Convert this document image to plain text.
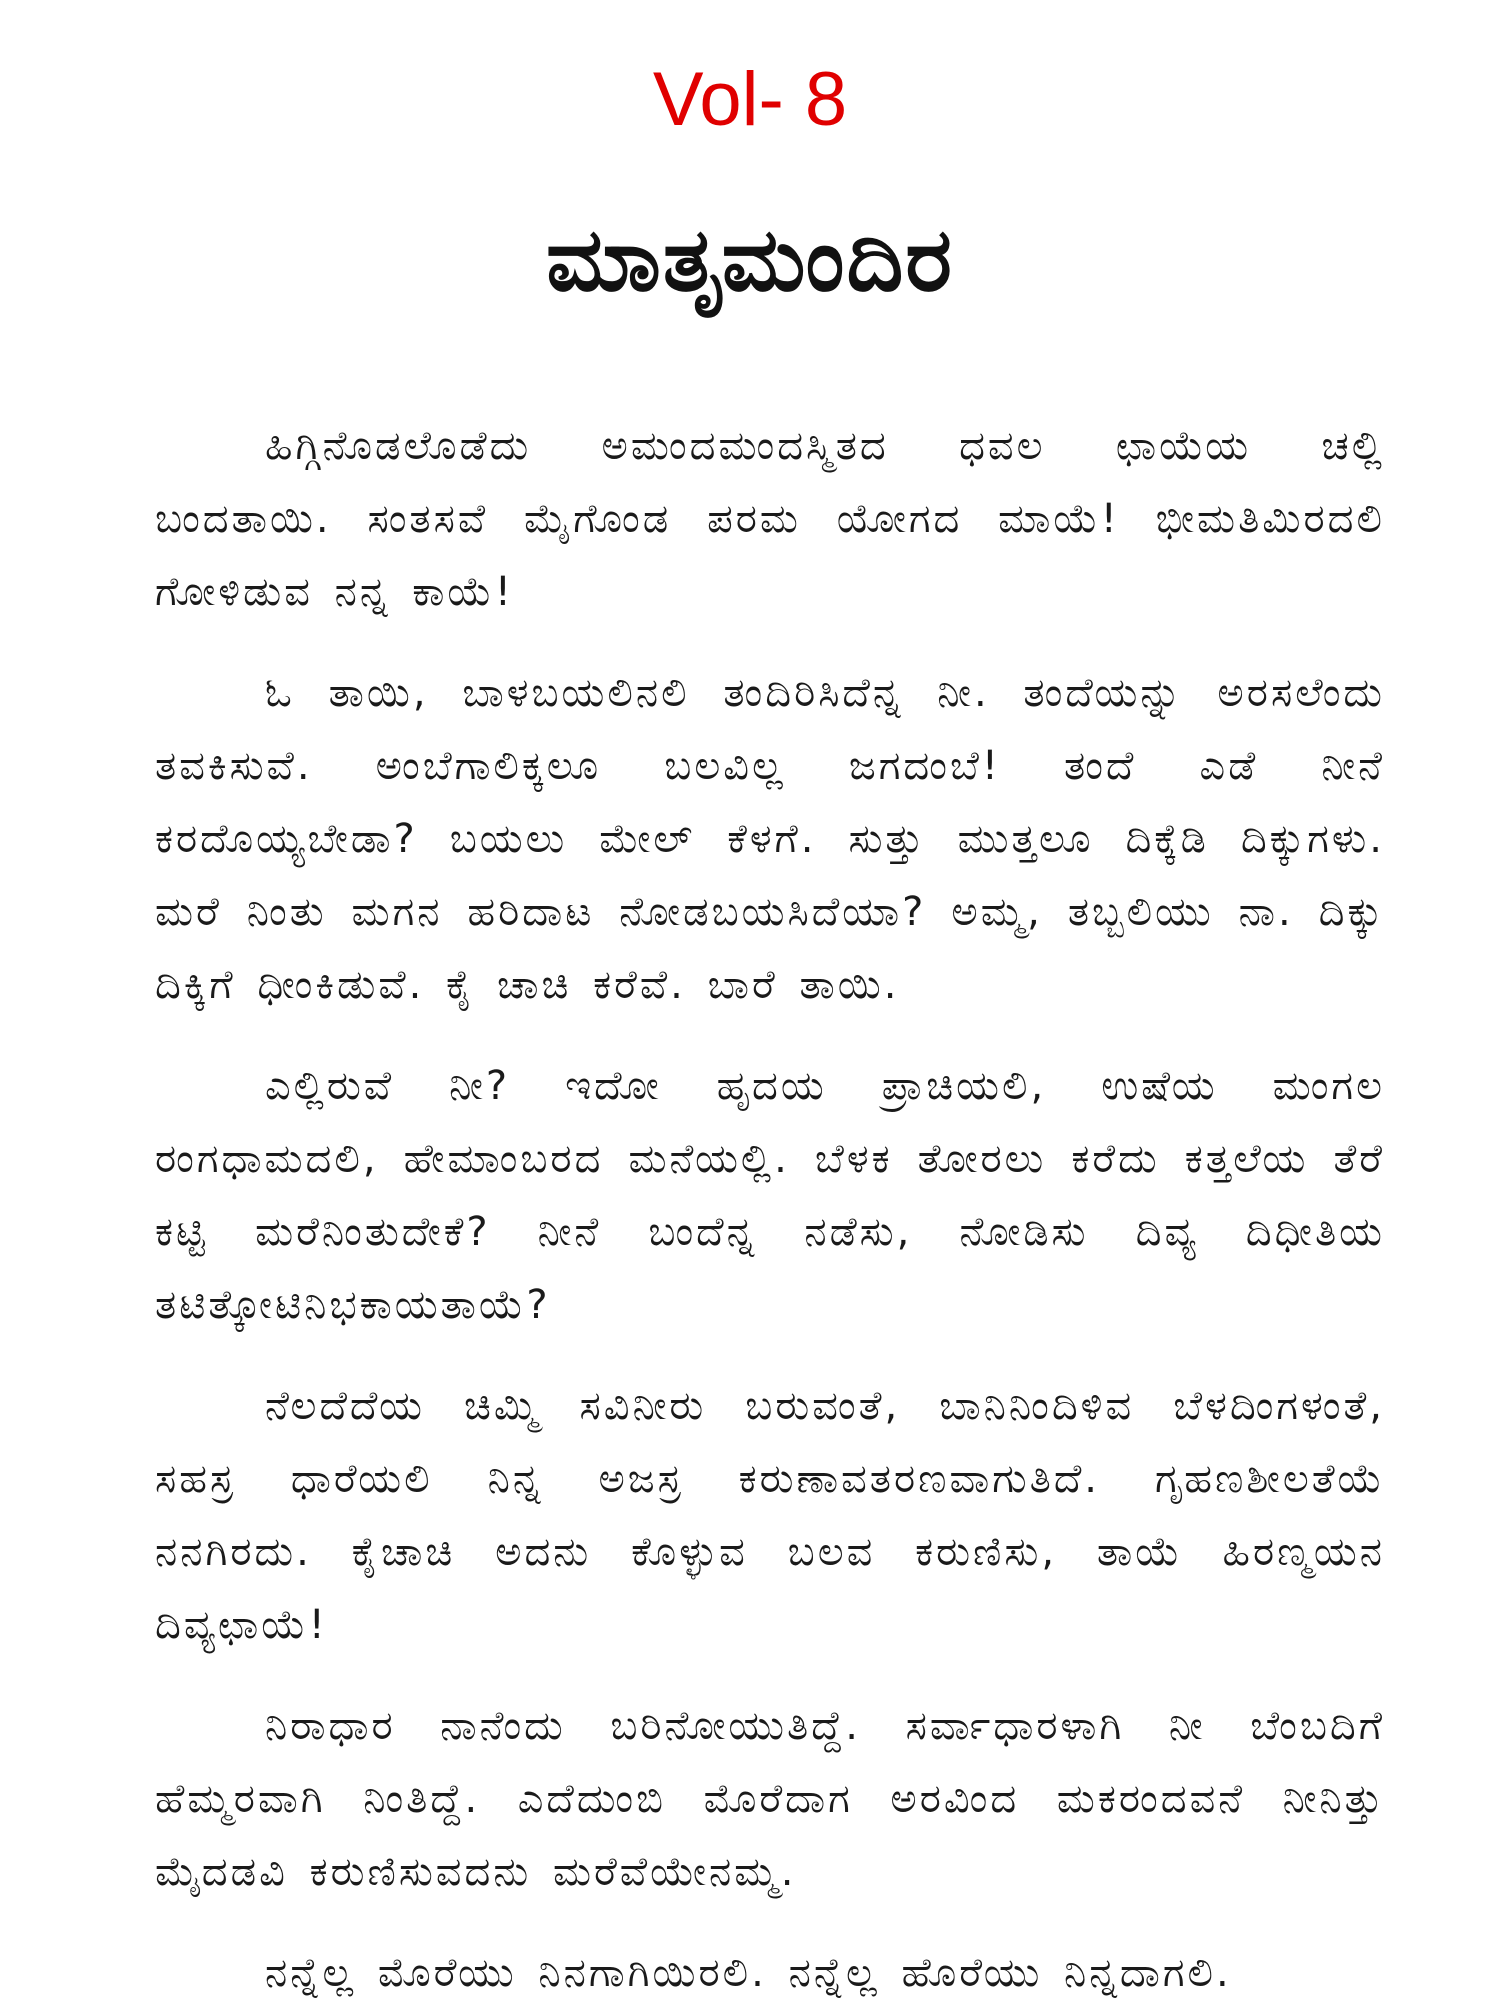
Vol- 8

ಮಾತೃಮಂದಿರ

ಹಿಗ್ಗಿನೊಡಲೊಡೆದು ಅಮಂದಮಂದಸ್ಮಿತದ ಧವಲ ಛಾಯೆಯ ಚಲ್ಲಿ ಬಂದತಾಯಿ. ಸಂತಸವೆ ಮೈಗೊಂಡ ಪರಮ ಯೋಗದ ಮಾಯೆ! ಭೀಮತಿಮಿರದಲಿ ಗೋಳಿಡುವ ನನ್ನ ಕಾಯೆ!

ಓ ತಾಯಿ, ಬಾಳಬಯಲಿನಲಿ ತಂದಿರಿಸಿದೆನ್ನ ನೀ. ತಂದೆಯನ್ನು ಅರಸಲೆಂದು ತವಕಿಸುವೆ. ಅಂಬೆಗಾಲಿಕ್ಕಲೂ ಬಲವಿಲ್ಲ ಜಗದಂಬೆ! ತಂದೆ ಎಡೆ ನೀನೆ ಕರದೊಯ್ಯಬೇಡಾ? ಬಯಲು ಮೇಲ್ ಕೆಳಗೆ. ಸುತ್ತು ಮುತ್ತಲೂ ದಿಕ್ಕೆಡಿ ದಿಕ್ಕುಗಳು. ಮರೆ ನಿಂತು ಮಗನ ಹರಿದಾಟ ನೋಡಬಯಸಿದೆಯಾ? ಅಮ್ಮ, ತಬ್ಬಲಿಯು ನಾ. ದಿಕ್ಕು ದಿಕ್ಕಿಗೆ ಧೀಂಕಿಡುವೆ. ಕೈ ಚಾಚಿ ಕರೆವೆ. ಬಾರೆ ತಾಯಿ.

ಎಲ್ಲಿರುವೆ ನೀ? ಇದೋ ಹೃದಯ ಪ್ರಾಚಿಯಲಿ, ಉಷೆಯ ಮಂಗಲ ರಂಗಧಾಮದಲಿ, ಹೇಮಾಂಬರದ ಮನೆಯಲ್ಲಿ. ಬೆಳಕ ತೋರಲು ಕರೆದು ಕತ್ತಲೆಯ ತೆರೆ ಕಟ್ಟಿ ಮರೆನಿಂತುದೇಕೆ? ನೀನೆ ಬಂದೆನ್ನ ನಡೆಸು, ನೋಡಿಸು ದಿವ್ಯ ದಿಧೀತಿಯ ತಟಿತ್ಕೋಟಿನಿಭಕಾಯತಾಯೆ?

ನೆಲದೆದೆಯ ಚಿಮ್ಮಿ ಸವಿನೀರು ಬರುವಂತೆ, ಬಾನಿನಿಂದಿಳಿವ ಬೆಳದಿಂಗಳಂತೆ, ಸಹಸ್ರ ಧಾರೆಯಲಿ ನಿನ್ನ ಅಜಸ್ರ ಕರುಣಾವತರಣವಾಗುತಿದೆ. ಗೃಹಣಶೀಲತೆಯೆ ನನಗಿರದು. ಕೈಚಾಚಿ ಅದನು ಕೊಳ್ಳುವ ಬಲವ ಕರುಣಿಸು, ತಾಯೆ ಹಿರಣ್ಮಯನ ದಿವ್ಯಛಾಯೆ!

ನಿರಾಧಾರ ನಾನೆಂದು ಬರಿನೋಯುತಿದ್ದೆ. ಸರ್ವಾಧಾರಳಾಗಿ ನೀ ಬೆಂಬದಿಗೆ ಹೆಮ್ಮರವಾಗಿ ನಿಂತಿದ್ದೆ. ಎದೆದುಂಬಿ ಮೊರೆದಾಗ ಅರವಿಂದ ಮಕರಂದವನೆ ನೀನಿತ್ತು ಮೈದಡವಿ ಕರುಣಿಸುವದನು ಮರೆವೆಯೇನಮ್ಮ.

ನನ್ನೆಲ್ಲ ಮೊರೆಯು ನಿನಗಾಗಿಯಿರಲಿ. ನನ್ನೆಲ್ಲ ಹೊರೆಯು ನಿನ್ನದಾಗಲಿ.
